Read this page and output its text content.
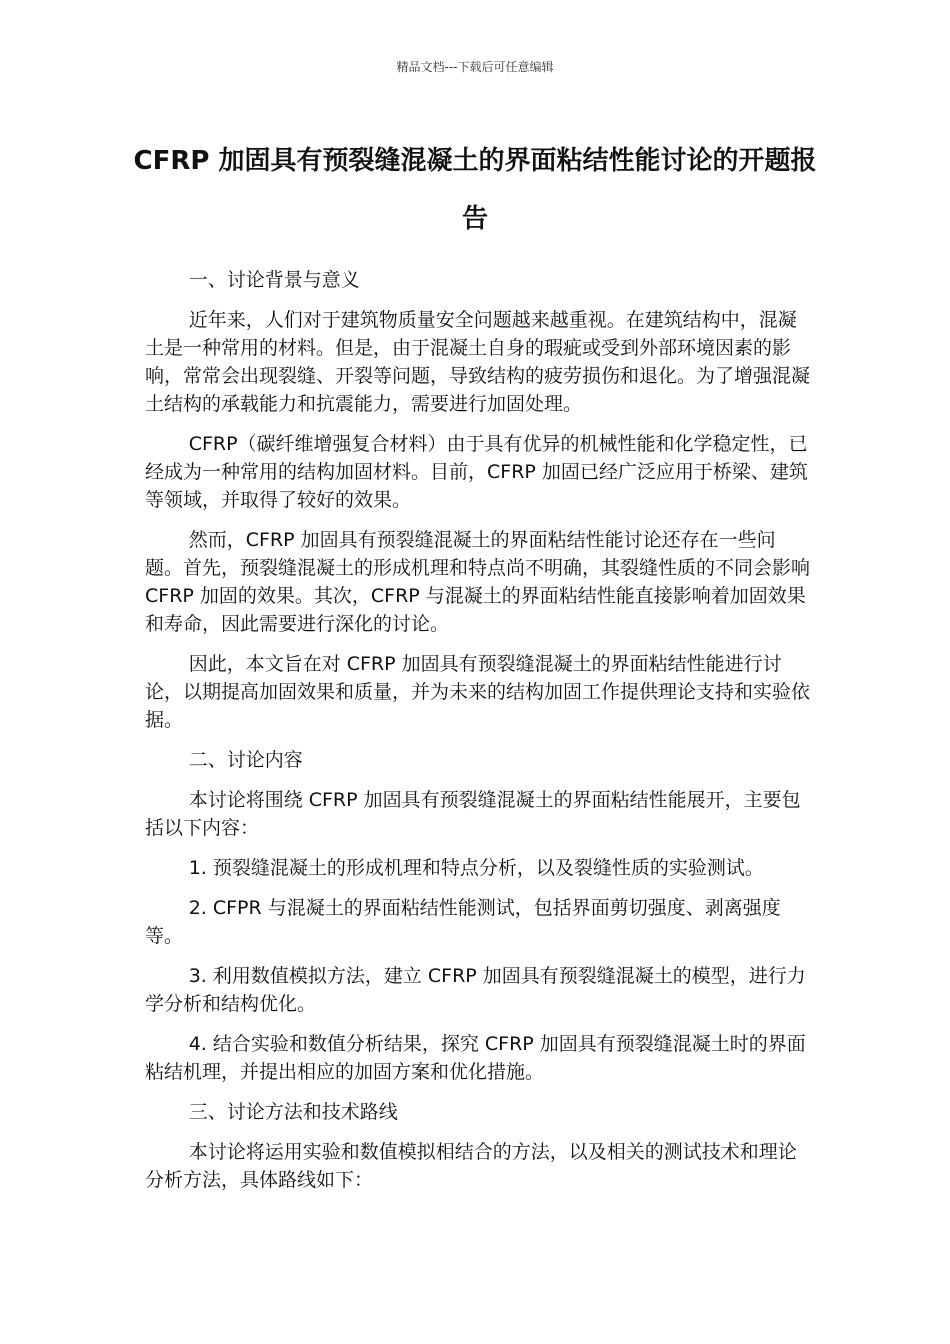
精品文档---下载后可任意编辑
CFRP 加固具有预裂缝混凝土的界面粘结性能讨论的开题报告

一、讨论背景与意义

近年来，人们对于建筑物质量安全问题越来越重视。在建筑结构中，混凝土是一种常用的材料。但是，由于混凝土自身的瑕疵或受到外部环境因素的影响，常常会出现裂缝、开裂等问题，导致结构的疲劳损伤和退化。为了增强混凝土结构的承载能力和抗震能力，需要进行加固处理。

CFRP（碳纤维增强复合材料）由于具有优异的机械性能和化学稳定性，已经成为一种常用的结构加固材料。目前，CFRP 加固已经广泛应用于桥梁、建筑等领域，并取得了较好的效果。

然而，CFRP 加固具有预裂缝混凝土的界面粘结性能讨论还存在一些问题。首先，预裂缝混凝土的形成机理和特点尚不明确，其裂缝性质的不同会影响 CFRP 加固的效果。其次，CFRP 与混凝土的界面粘结性能直接影响着加固效果和寿命，因此需要进行深化的讨论。

因此，本文旨在对 CFRP 加固具有预裂缝混凝土的界面粘结性能进行讨论，以期提高加固效果和质量，并为未来的结构加固工作提供理论支持和实验依据。

二、讨论内容

本讨论将围绕 CFRP 加固具有预裂缝混凝土的界面粘结性能展开，主要包括以下内容：

1. 预裂缝混凝土的形成机理和特点分析，以及裂缝性质的实验测试。

2. CFPR 与混凝土的界面粘结性能测试，包括界面剪切强度、剥离强度等。

3. 利用数值模拟方法，建立 CFRP 加固具有预裂缝混凝土的模型，进行力学分析和结构优化。

4. 结合实验和数值分析结果，探究 CFRP 加固具有预裂缝混凝土时的界面粘结机理，并提出相应的加固方案和优化措施。

三、讨论方法和技术路线

本讨论将运用实验和数值模拟相结合的方法，以及相关的测试技术和理论分析方法，具体路线如下：
